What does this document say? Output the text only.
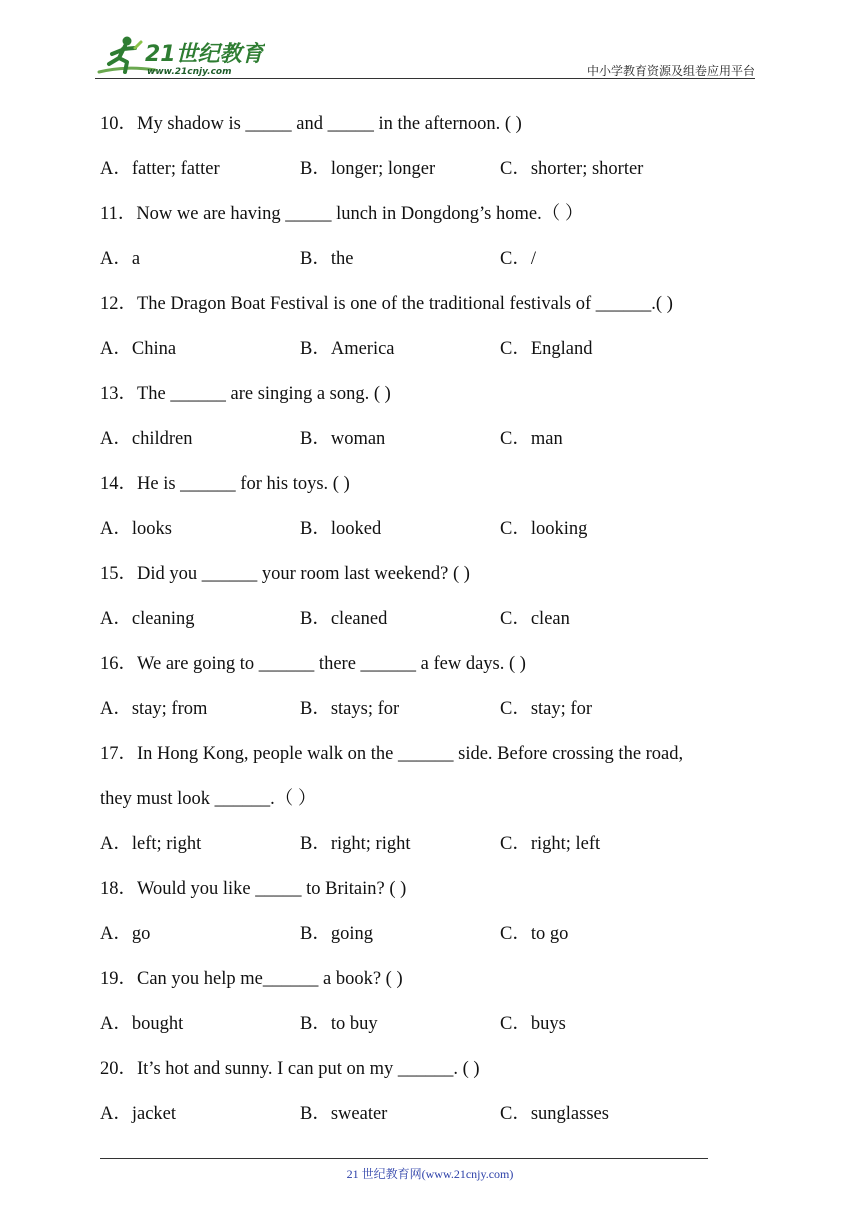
21世纪教育
www.21cnjy.com	中小学教育资源及组卷应用平台
10．My shadow is _____ and _____ in the afternoon. ( )
A．fatter; fatter	B．longer; longer	C．shorter; shorter
11．Now we are having _____ lunch in Dongdong’s home.（ ）
A．a	B．the	C．/
12．The Dragon Boat Festival is one of the traditional festivals of ______.( )
A．China	B．America	C．England
13．The ______ are singing a song. ( )
A．children	B．woman	C．man
14．He is ______ for his toys. ( )
A．looks	B．looked	C．looking
15．Did you ______ your room last weekend? ( )
A．cleaning	B．cleaned	C．clean
16．We are going to ______ there ______ a few days. ( )
A．stay; from	B．stays; for	C．stay; for
17．In Hong Kong, people walk on the ______ side. Before crossing the road,
they must look ______.（ ）
A．left; right	B．right; right	C．right; left
18．Would you like _____ to Britain? ( )
A．go	B．going	C．to go
19．Can you help me______ a book? ( )
A．bought	B．to buy	C．buys
20．It’s hot and sunny. I can put on my ______. ( )
A．jacket	B．sweater	C．sunglasses
21 世纪教育网(www.21cnjy.com)
